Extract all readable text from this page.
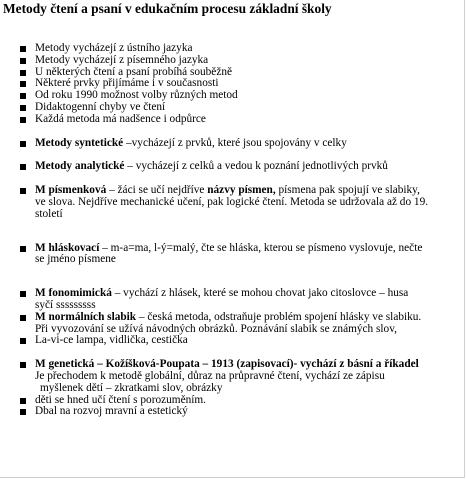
Metody čtení a psaní v edukačním procesu základní školy
Metody vycházejí z ústního jazyka
Metody vycházejí z písemného jazyka
U některých čtení a psaní probíhá souběžně
Některé prvky přijímáme i v současnosti
Od roku 1990 možnost volby různých metod
Didaktogenní chyby ve čtení
Každá metoda má nadšence i odpůrce
Metody syntetické –vycházejí z prvků, které jsou spojovány v celky
Metody analytické – vycházejí z celků a vedou k poznání jednotlivých prvků
M písmenková – žáci se učí nejdříve názvy písmen, písmena pak spojují ve slabiky,
ve slova. Nejdříve mechanické učení, pak logické čtení. Metoda se udržovala až do 19.
století
M hláskovací – m-a=ma, l-ý=malý, čte se hláska, kterou se písmeno vyslovuje, nečte
se jméno písmene
M fonomimická – vychází z hlásek, které se mohou chovat jako citoslovce – husa
syčí sssssssss
M normálních slabik – česká metoda, odstraňuje problém spojení hlásky ve slabiku.
Při vyvozování se užívá návodných obrázků. Poznávání slabik se známých slov,
La-vi-ce lampa, vidlička, cestička
M genetická – Kožíšková-Poupata – 1913 (zapisovací)- vychází z básní a říkadel
Je přechodem k metodě globální, důraz na průpravné čtení, vychází ze zápisu
myšlenek dětí – zkratkami slov, obrázky
děti se hned učí čtení s porozuměním.
Dbal na rozvoj mravní a estetický
